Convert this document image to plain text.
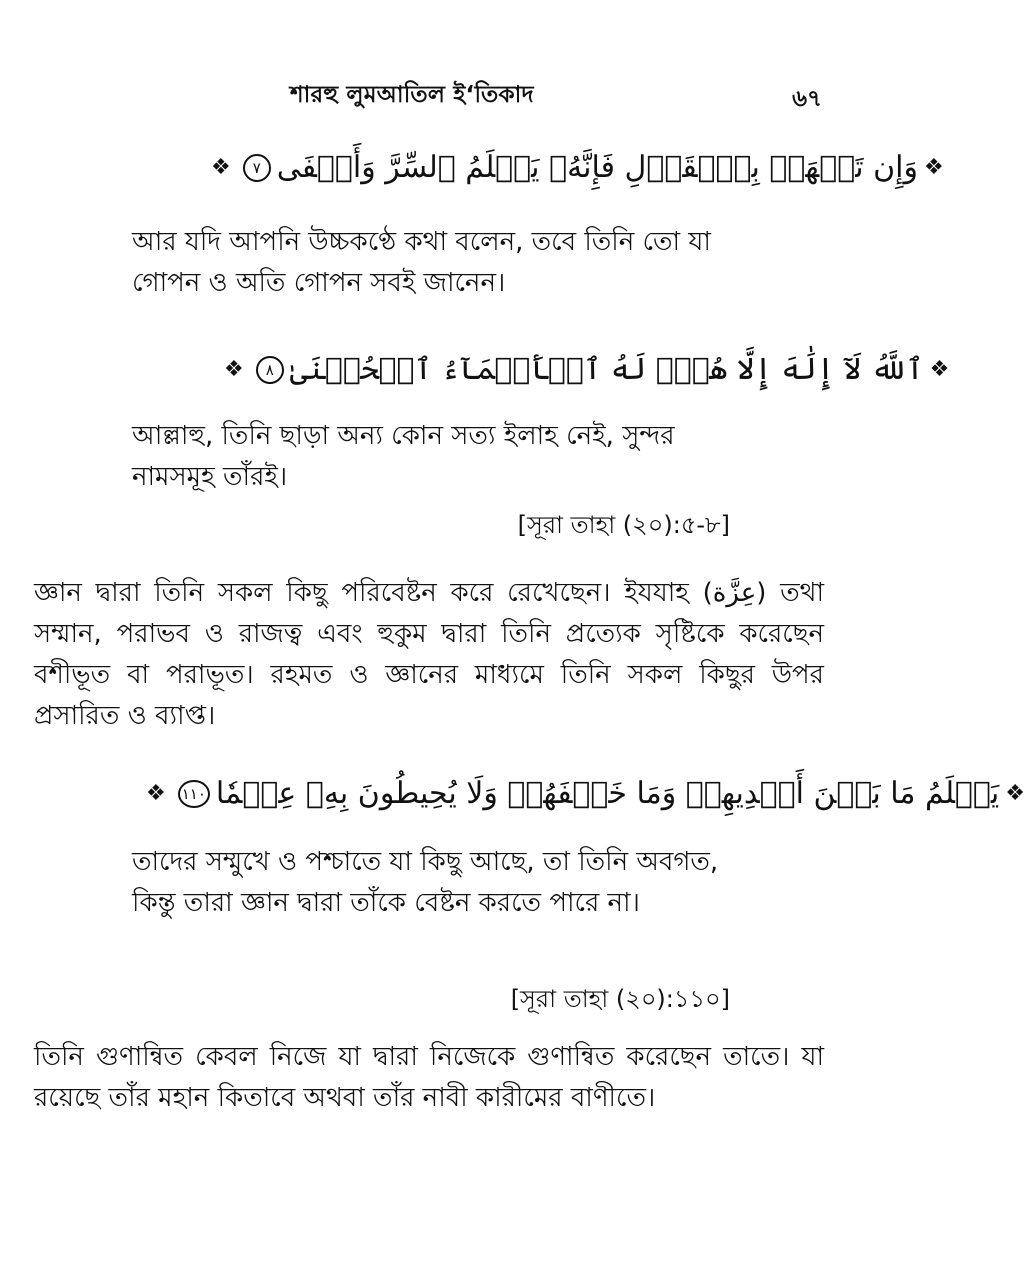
শারহু লুমআতিল ই‘তিকাদ	৬৭
❖	٧ وَإِن تَجۡهَرۡ بِٱلۡقَوۡلِ فَإِنَّهُۥ يَعۡلَمُ ٱلسِّرَّ وَأَخۡفَى ❖

আর যদি আপনি উচ্চকণ্ঠে কথা বলেন, তবে তিনি তো যা গোপন ও অতি গোপন সবই জানেন।

❖	٨ ٱللَّهُ لَآ إِلَٰهَ إِلَّا هُوَۖ لَهُ ٱلۡأَسۡمَآءُ ٱلۡحُسۡنَىٰ ❖

আল্লাহু, তিনি ছাড়া অন্য কোন সত্য ইলাহ নেই, সুন্দর নামসমূহ তাঁরই।

[সূরা তাহা (২০):৫-৮]

জ্ঞান দ্বারা তিনি সকল কিছু পরিবেষ্টন করে রেখেছেন। ইযযাহ (عِزَّة) তথা সম্মান, পরাভব ও রাজত্ব এবং হুকুম দ্বারা তিনি প্রত্যেক সৃষ্টিকে করেছেন বশীভূত বা পরাভূত। রহমত ও জ্ঞানের মাধ্যমে তিনি সকল কিছুর উপর প্রসারিত ও ব্যাপ্ত।

❖ ١١٠ يَعۡلَمُ مَا بَيۡنَ أَيۡدِيهِمۡ وَمَا خَلۡفَهُمۡ وَلَا يُحِيطُونَ بِهِۦ عِلۡمٗا ❖

তাদের সম্মুখে ও পশ্চাতে যা কিছু আছে, তা তিনি অবগত, কিন্তু তারা জ্ঞান দ্বারা তাঁকে বেষ্টন করতে পারে না।

[সূরা তাহা (২০):১১০]

তিনি গুণান্বিত কেবল নিজে যা দ্বারা নিজেকে গুণান্বিত করেছেন তাতে। যা রয়েছে তাঁর মহান কিতাবে অথবা তাঁর নাবী কারীমের বাণীতে।
